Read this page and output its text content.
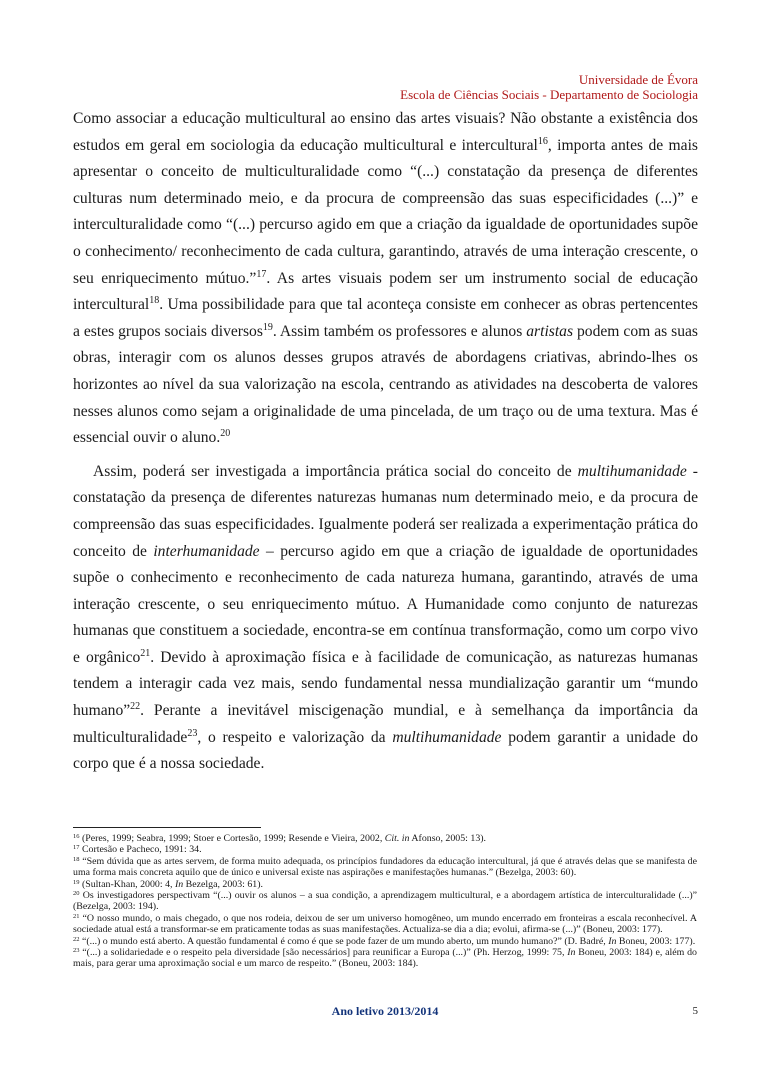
Universidade de Évora
Escola de Ciências Sociais - Departamento de Sociologia

Como associar a educação multicultural ao ensino das artes visuais? Não obstante a existência dos estudos em geral em sociologia da educação multicultural e intercultural$^{16}$, importa antes de mais apresentar o conceito de multiculturalidade como “(...) constatação da presença de diferentes culturas num determinado meio, e da procura de compreensão das suas especificidades (...)” e interculturalidade como “(...) percurso agido em que a criação da igualdade de oportunidades supõe o conhecimento/ reconhecimento de cada cultura, garantindo, através de uma interação crescente, o seu enriquecimento mútuo.”$^{17}$. As artes visuais podem ser um instrumento social de educação intercultural$^{18}$. Uma possibilidade para que tal aconteça consiste em conhecer as obras pertencentes a estes grupos sociais diversos$^{19}$. Assim também os professores e alunos artistas podem com as suas obras, interagir com os alunos desses grupos através de abordagens criativas, abrindo-lhes os horizontes ao nível da sua valorização na escola, centrando as atividades na descoberta de valores nesses alunos como sejam a originalidade de uma pincelada, de um traço ou de uma textura. Mas é essencial ouvir o aluno.$^{20}$

Assim, poderá ser investigada a importância prática social do conceito de multihumanidade - constatação da presença de diferentes naturezas humanas num determinado meio, e da procura de compreensão das suas especificidades. Igualmente poderá ser realizada a experimentação prática do conceito de interhumanidade – percurso agido em que a criação de igualdade de oportunidades supõe o conhecimento e reconhecimento de cada natureza humana, garantindo, através de uma interação crescente, o seu enriquecimento mútuo. A Humanidade como conjunto de naturezas humanas que constituem a sociedade, encontra-se em contínua transformação, como um corpo vivo e orgânico$^{21}$. Devido à aproximação física e à facilidade de comunicação, as naturezas humanas tendem a interagir cada vez mais, sendo fundamental nessa mundialização garantir um “mundo humano”$^{22}$. Perante a inevitável miscigenação mundial, e à semelhança da importância da multiculturalidade$^{23}$, o respeito e valorização da multihumanidade podem garantir a unidade do corpo que é a nossa sociedade.

$^{16}$ (Peres, 1999; Seabra, 1999; Stoer e Cortesão, 1999; Resende e Vieira, 2002, Cit. in Afonso, 2005: 13).

$^{17}$ Cortesão e Pacheco, 1991: 34.

$^{18}$ “Sem dúvida que as artes servem, de forma muito adequada, os princípios fundadores da educação intercultural, já que é através delas que se manifesta de uma forma mais concreta aquilo que de único e universal existe nas aspirações e manifestações humanas.” (Bezelga, 2003: 60).

$^{19}$ (Sultan-Khan, 2000: 4, In Bezelga, 2003: 61).

$^{20}$ Os investigadores perspectivam “(...) ouvir os alunos – a sua condição, a aprendizagem multicultural, e a abordagem artística de interculturalidade (...)” (Bezelga, 2003: 194).

$^{21}$ “O nosso mundo, o mais chegado, o que nos rodeia, deixou de ser um universo homogêneo, um mundo encerrado em fronteiras a escala reconhecível. A sociedade atual está a transformar-se em praticamente todas as suas manifestações. Actualiza-se dia a dia; evolui, afirma-se (...)” (Boneu, 2003: 177).

$^{22}$ “(...) o mundo está aberto. A questão fundamental é como é que se pode fazer de um mundo aberto, um mundo humano?” (D. Badré, In Boneu, 2003: 177).

$^{23}$ “(...) a solidariedade e o respeito pela diversidade [são necessários] para reunificar a Europa (...)” (Ph. Herzog, 1999: 75, In Boneu, 2003: 184) e, além do mais, para gerar uma aproximação social e um marco de respeito.” (Boneu, 2003: 184).

Ano letivo 2013/2014	5
